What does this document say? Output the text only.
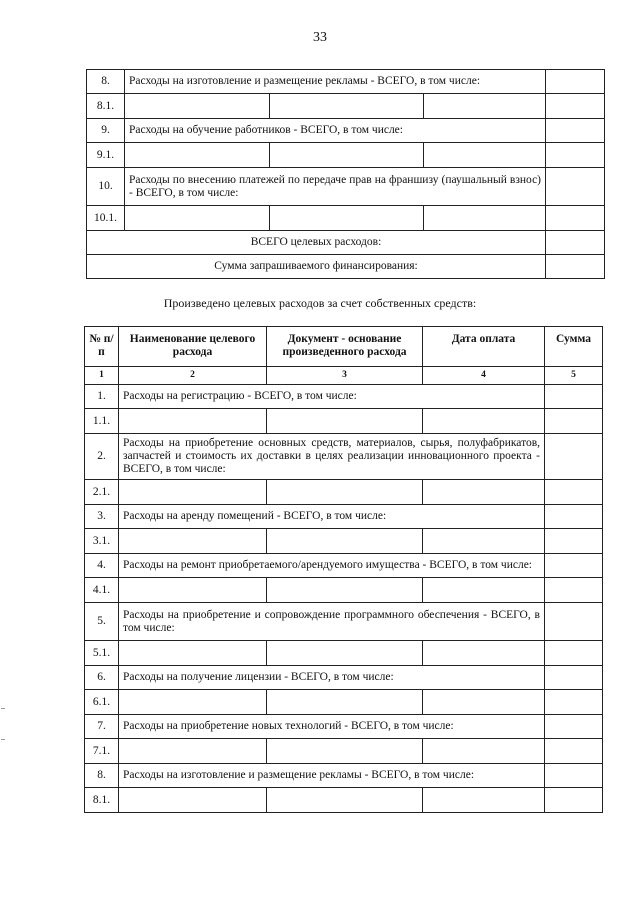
33
8.	Расходы на изготовление и размещение рекламы - ВСЕГО, в том числе:			
8.1.				
9.	Расходы на обучение работников - ВСЕГО, в том числе:			
9.1.				
10.	Расходы по внесению платежей по передаче прав на франшизу (паушальный взнос) - ВСЕГО, в том числе:			
10.1.				
ВСЕГО целевых расходов:				
Сумма запрашиваемого финансирования:				
Произведено целевых расходов за счет собственных средств:
№ п/п	Наименование целевого расхода	Документ - основание произведенного расхода	Дата оплата	Сумма
1	2	3	4	5
1.	Расходы на регистрацию - ВСЕГО, в том числе:			
1.1.				
2.	Расходы на приобретение основных средств, материалов, сырья, полуфабрикатов, запчастей и стоимость их доставки в целях реализации инновационного проекта - ВСЕГО, в том числе:			
2.1.				
3.	Расходы на аренду помещений - ВСЕГО, в том числе:			
3.1.				
4.	Расходы на ремонт приобретаемого/арендуемого имущества - ВСЕГО, в том числе:			
4.1.				
5.	Расходы на приобретение и сопровождение программного обеспечения - ВСЕГО, в том числе:			
5.1.				
6.	Расходы на получение лицензии - ВСЕГО, в том числе:			
6.1.				
7.	Расходы на приобретение новых технологий - ВСЕГО, в том числе:			
7.1.				
8.	Расходы на изготовление и размещение рекламы - ВСЕГО, в том числе:			
8.1.				
